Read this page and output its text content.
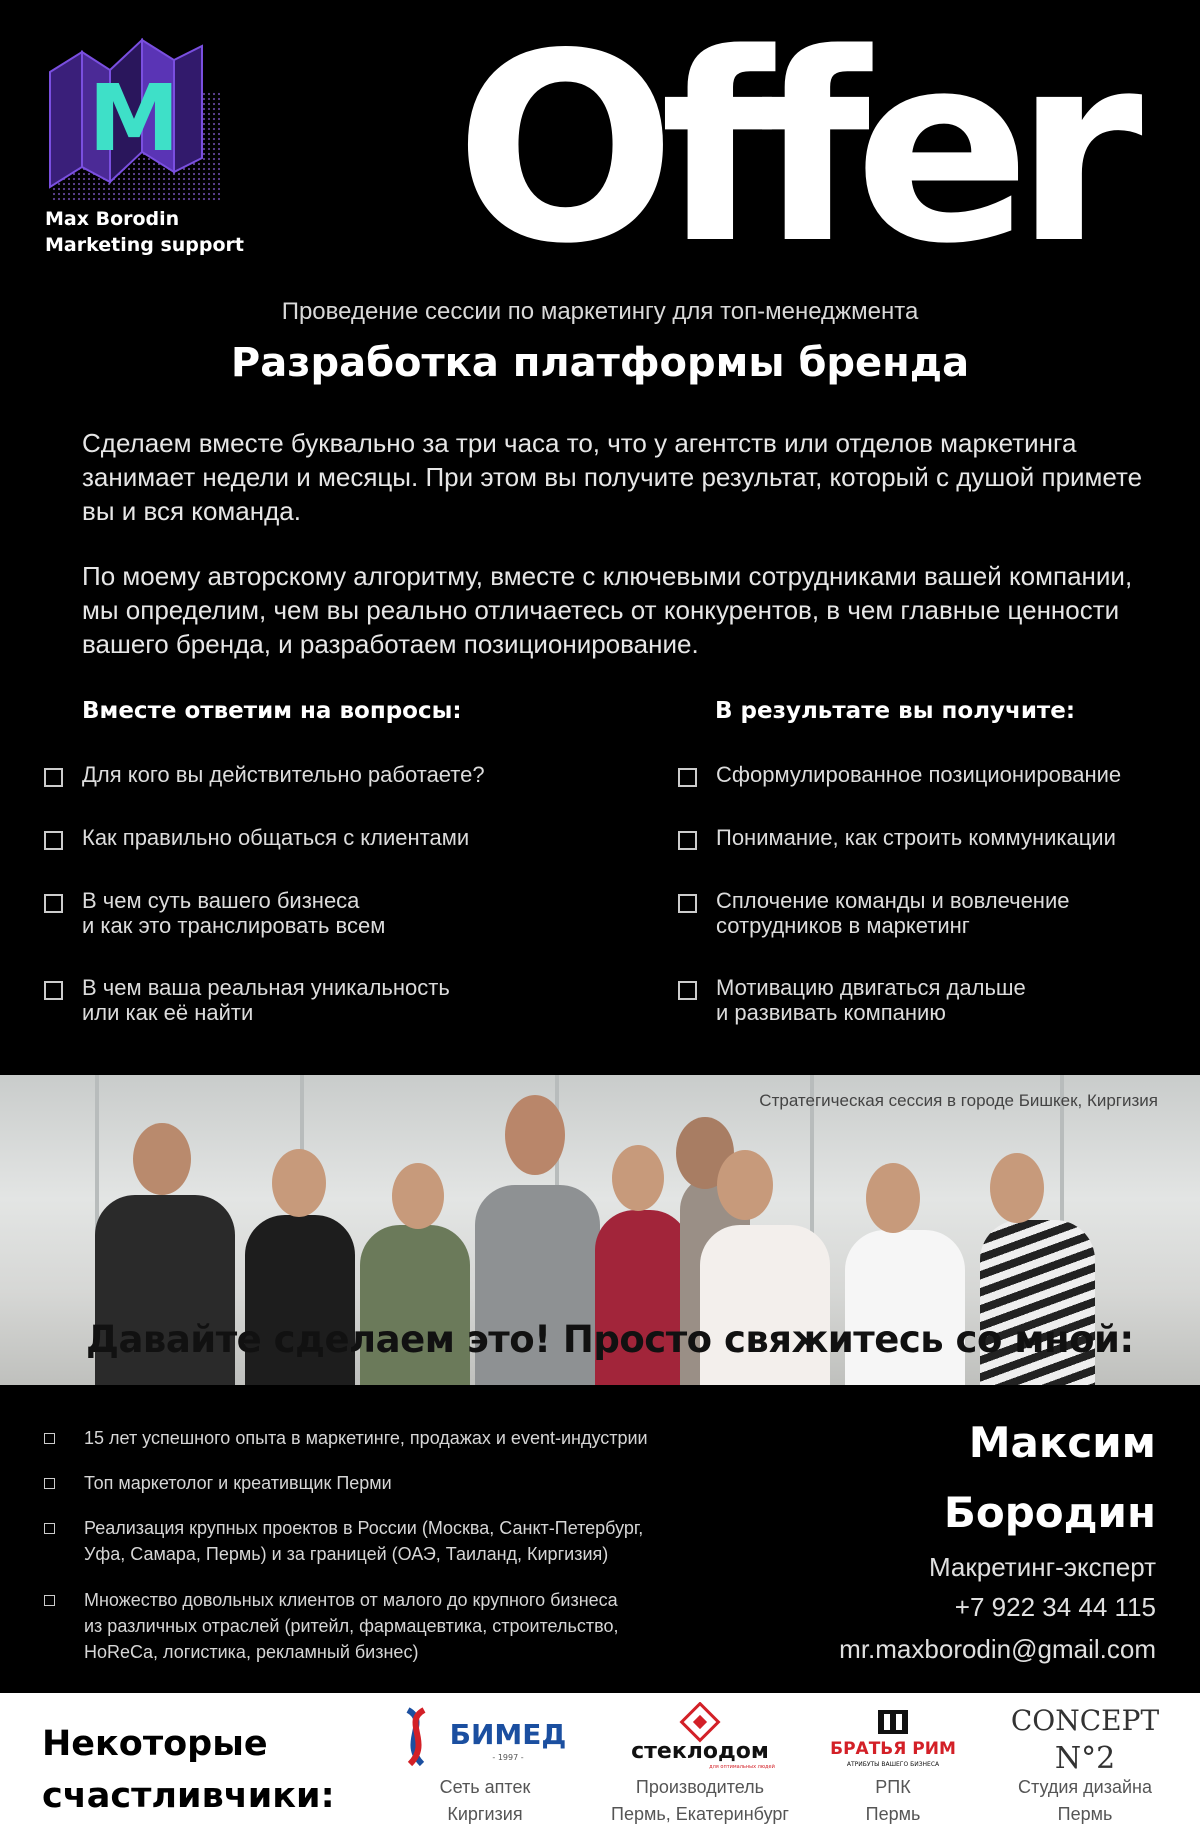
M
Max Borodin
Marketing support Offer
Проведение сессии по маркетингу для топ-менеджмента
Разработка платформы бренда
Сделаем вместе буквально за три часа то, что у агентств или отделов маркетинга занимает недели и месяцы. При этом вы получите результат, который с душой примете вы и вся команда.
По моему авторскому алгоритму, вместе с ключевыми сотрудниками вашей компании, мы определим, чем вы реально отличаетесь от конкурентов, в чем главные ценности вашего бренда, и разработаем позиционирование.
Вместе ответим на вопросы:	В результате вы получите:
Для кого вы действительно работаете?
Как правильно общаться с клиентами
В чем суть вашего бизнеса
и как это транслировать всем
В чем ваша реальная уникальность
или как её найти
Сформулированное позиционирование
Понимание, как строить коммуникации
Сплочение команды и вовлечение
сотрудников в маркетинг
Мотивацию двигаться дальше
и развивать компанию
Стратегическая сессия в городе Бишкек, Киргизия
Давайте сделаем это! Просто свяжитесь со мной:
15 лет успешного опыта в маркетинге, продажах и event-индустрии
Топ маркетолог и креативщик Перми
Реализация крупных проектов в России (Москва, Санкт-Петербург,
Уфа, Самара, Пермь) и за границей (ОАЭ, Таиланд, Киргизия)
Множество довольных клиентов от малого до крупного бизнеса
из различных отраслей (ритейл, фармацевтика, строительство,
HoReCa, логистика, рекламный бизнес)
Максим
Бородин
Макретинг-эксперт
+7 922 34 44 115
mr.maxborodin@gmail.com
Некоторые
счастливчики:
БИМЕД
- 1997 -
Сеть аптек
Киргизия
стеклодом
для оптимальных людей
Производитель
Пермь, Екатеринбург
БРАТЬЯ РИМ
АТРИБУТЫ ВАШЕГО БИЗНЕСА
РПК
Пермь
CONCEPT
N°2
Студия дизайна
Пермь
